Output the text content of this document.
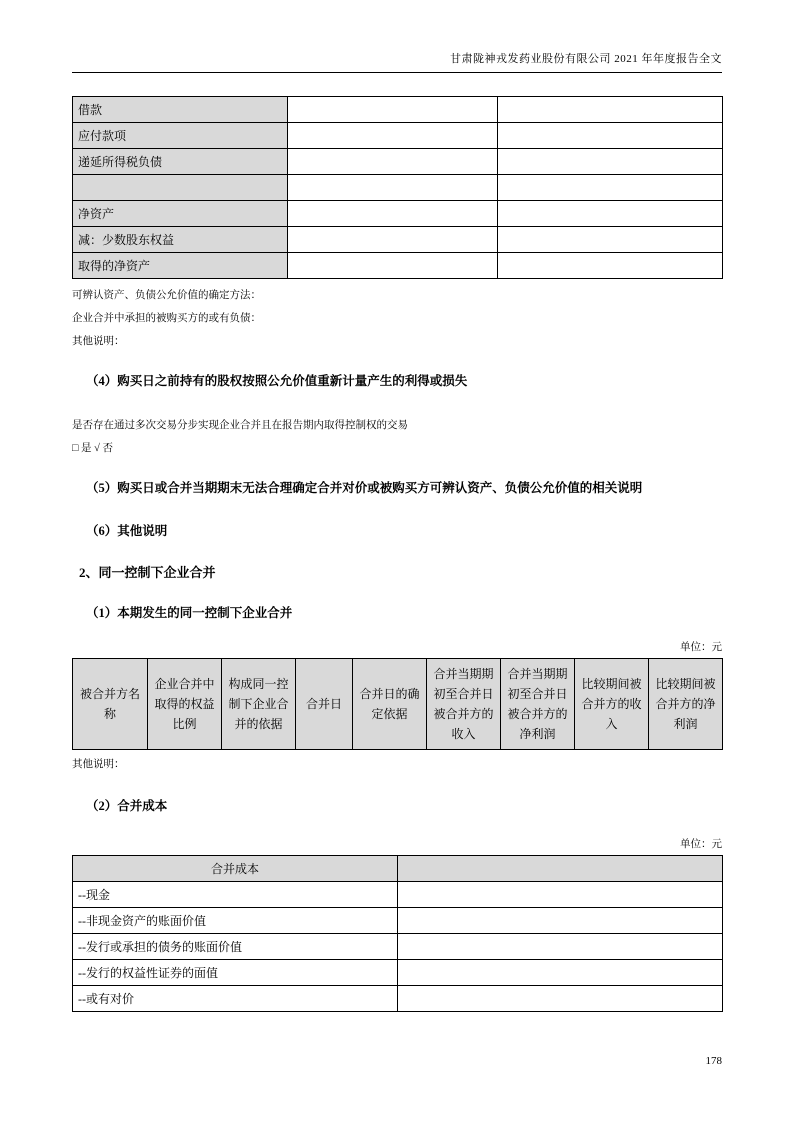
甘肃陇神戎发药业股份有限公司 2021 年年度报告全文
借款		
应付款项		
递延所得税负债		

净资产		
减：少数股东权益		
取得的净资产		

可辨认资产、负债公允价值的确定方法：

企业合并中承担的被购买方的或有负债：

其他说明：

（4）购买日之前持有的股权按照公允价值重新计量产生的利得或损失

是否存在通过多次交易分步实现企业合并且在报告期内取得控制权的交易

□ 是 √ 否

（5）购买日或合并当期期末无法合理确定合并对价或被购买方可辨认资产、负债公允价值的相关说明

（6）其他说明

2、同一控制下企业合并

（1）本期发生的同一控制下企业合并

单位：元

被合并方名称	企业合并中取得的权益比例	构成同一控制下企业合并的依据	合并日	合并日的确定依据	合并当期期初至合并日被合并方的收入	合并当期期初至合并日被合并方的净利润	比较期间被合并方的收入	比较期间被合并方的净利润

其他说明：

（2）合并成本

单位：元

合并成本	
--现金	
--非现金资产的账面价值	
--发行或承担的债务的账面价值	
--发行的权益性证券的面值	
--或有对价	
178
